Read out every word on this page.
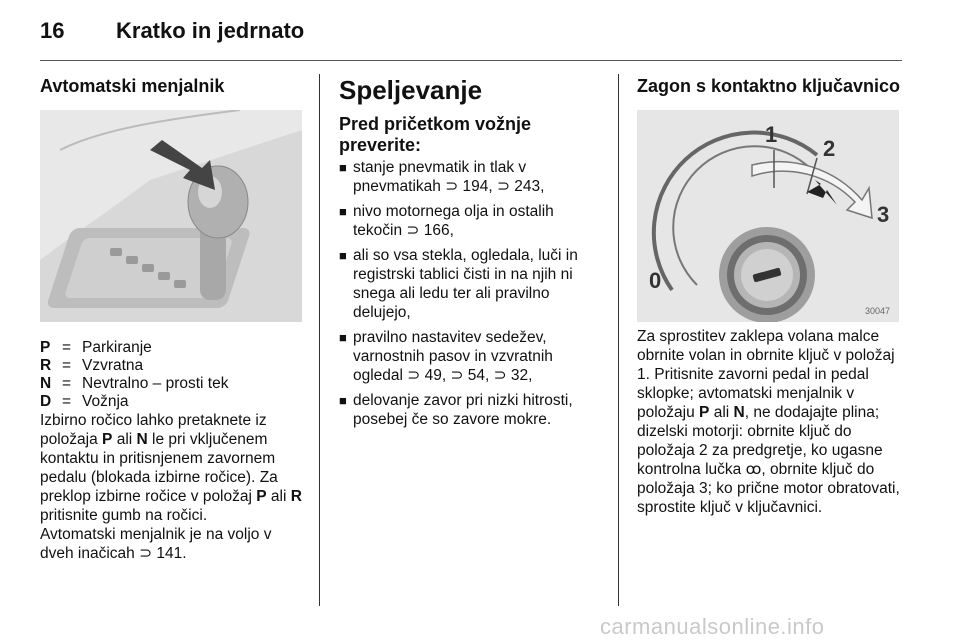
16 Kratko in jedrnato
Avtomatski menjalnik
P = Parkiranje
R = Vzvratna
N = Nevtralno – prosti tek
D = Vožnja

Izbirno ročico lahko pretaknete iz položaja P ali N le pri vključenem kontaktu in pritisnjenem zavornem pedalu (blokada izbirne ročice). Za preklop izbirne ročice v položaj P ali R pritisnite gumb na ročici.

Avtomatski menjalnik je na voljo v dveh inačicah ⊃ 141.

Speljevanje
Pred pričetkom vožnje preverite:
■ stanje pnevmatik in tlak v pnevmatikah ⊃ 194, ⊃ 243,
■ nivo motornega olja in ostalih tekočin ⊃ 166,
■ ali so vsa stekla, ogledala, luči in registrski tablici čisti in na njih ni snega ali ledu ter ali pravilno delujejo,
■ pravilno nastavitev sedežev, varnostnih pasov in vzvratnih ogledal ⊃ 49, ⊃ 54, ⊃ 32,
■ delovanje zavor pri nizki hitrosti, posebej če so zavore mokre.
Zagon s kontaktno ključavnico
0
1
2
3
30047

Za sprostitev zaklepa volana malce obrnite volan in obrnite ključ v položaj 1. Pritisnite zavorni pedal in pedal sklopke; avtomatski menjalnik v položaju P ali N, ne dodajajte plina; dizelski motorji: obrnite ključ do položaja 2 za predgretje, ko ugasne kontrolna lučka ꝏ, obrnite ključ do položaja 3; ko prične motor obratovati, sprostite ključ v ključavnici.

carmanualsonline.info
